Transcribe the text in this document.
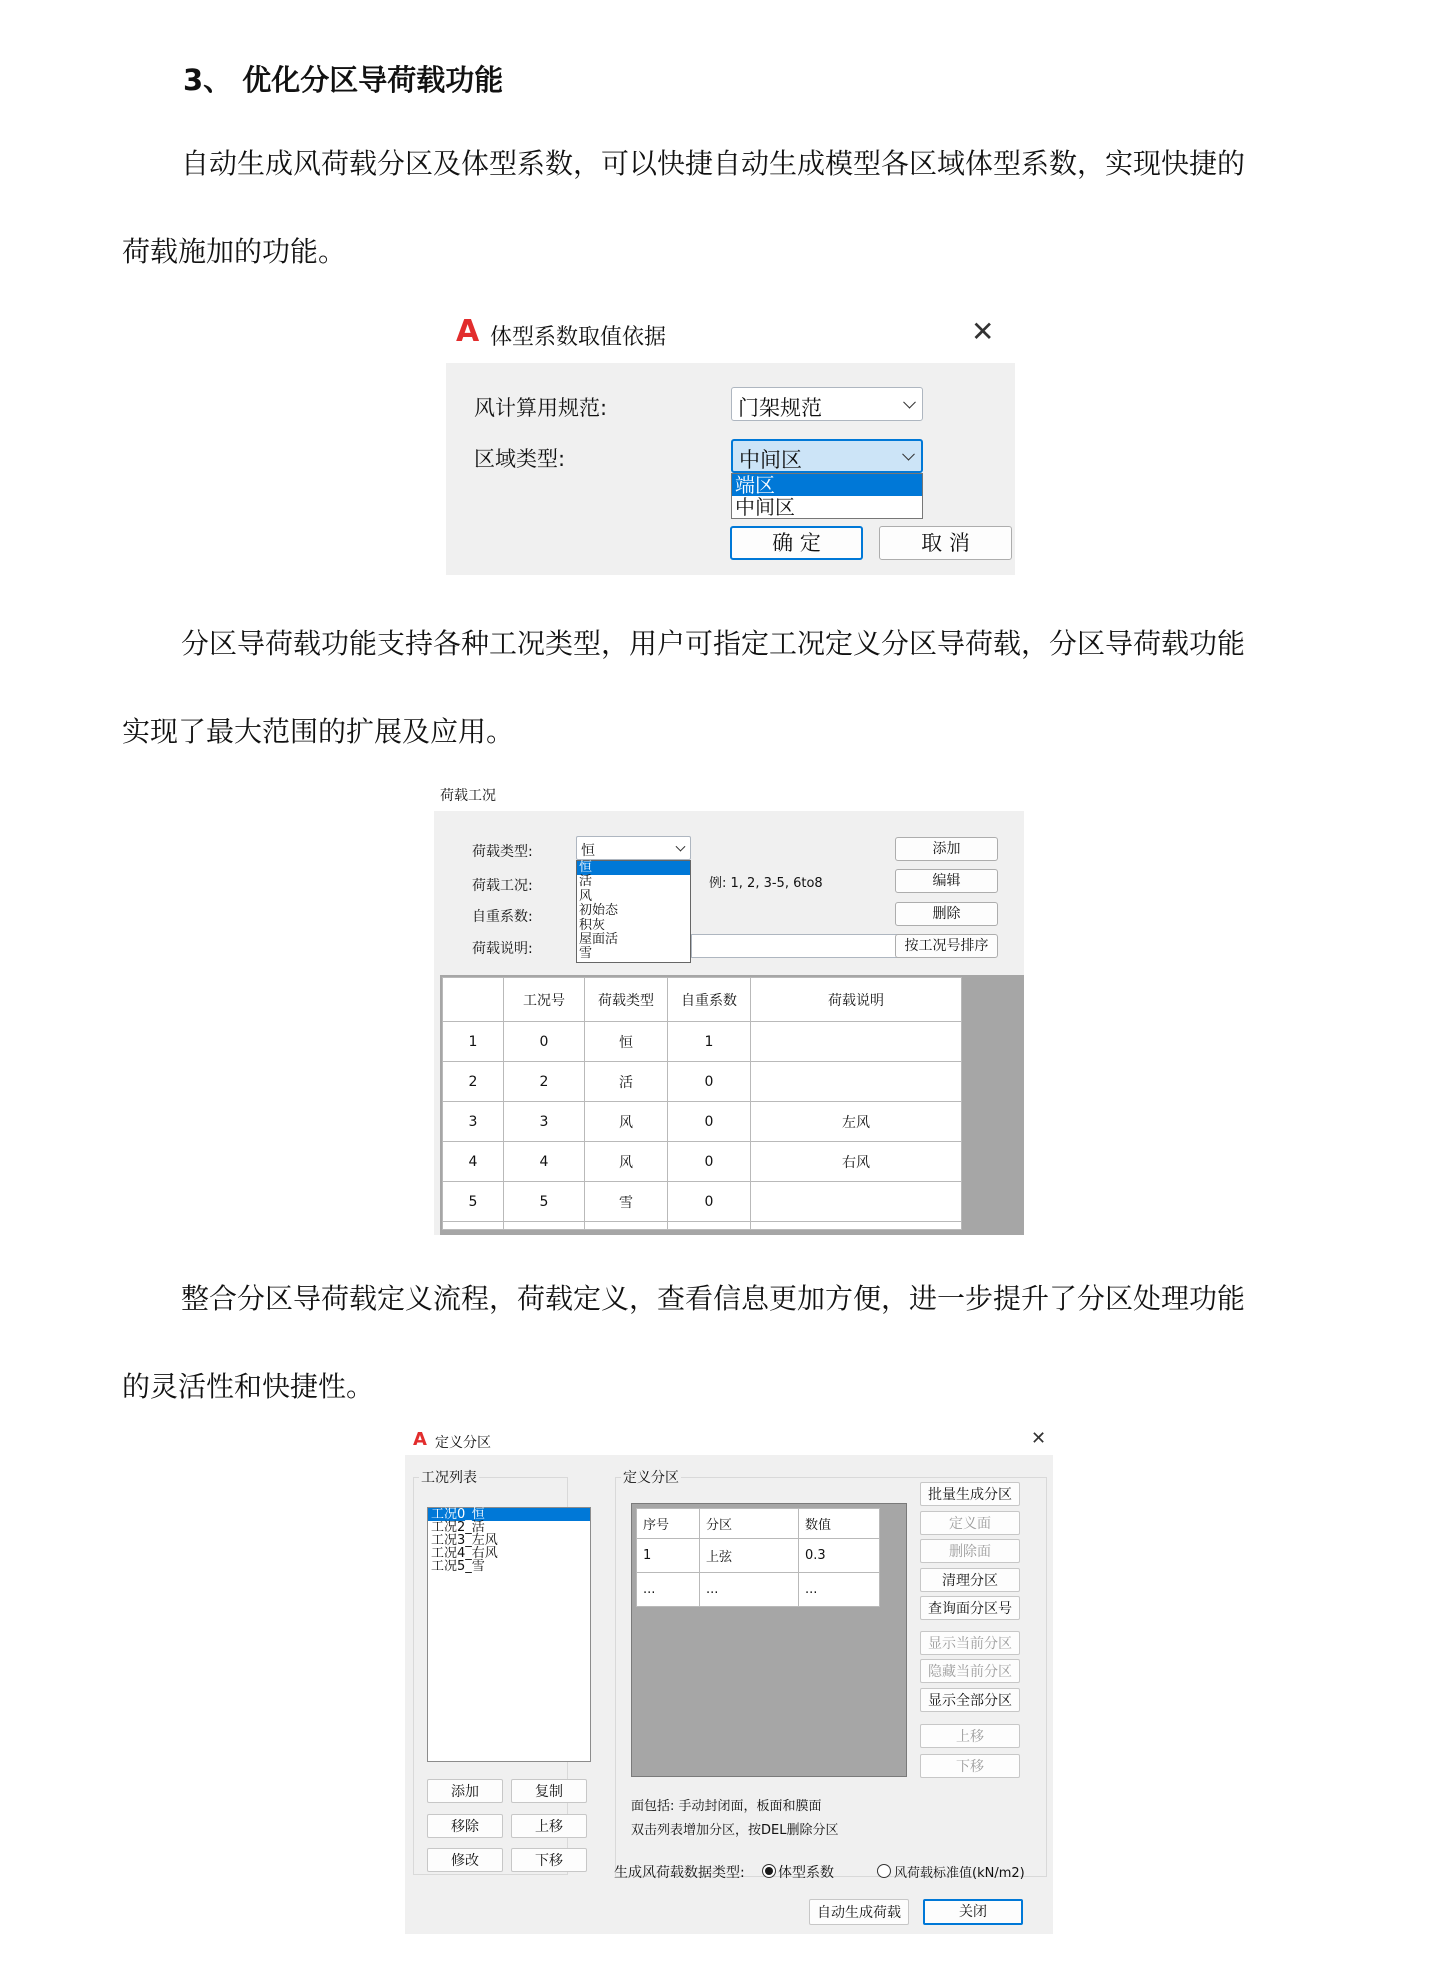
3、 优化分区导荷载功能
自动生成风荷载分区及体型系数，可以快捷自动生成模型各区域体型系数，实现快捷的
荷载施加的功能。
A 体型系数取值依据	✕
风计算用规范:	门架规范
区域类型:	中间区
端区
中间区
确 定	取 消
分区导荷载功能支持各种工况类型，用户可指定工况定义分区导荷载，分区导荷载功能
实现了最大范围的扩展及应用。
荷载工况
荷载类型:	恒
恒
活
风
初始态
积灰
屋面活
雪
荷载工况:	例: 1, 2, 3-5, 6to8
自重系数:
荷载说明:
添加
编辑
删除
按工况号排序
	工况号	荷载类型	自重系数	荷载说明
1	0	恒	1	
2	2	活	0	
3	3	风	0	左风
4	4	风	0	右风
5	5	雪	0	

整合分区导荷载定义流程，荷载定义，查看信息更加方便，进一步提升了分区处理功能
的灵活性和快捷性。
A 定义分区	✕
工况列表
工况0_恒
工况2_活
工况3_左风
工况4_右风
工况5_雪
添加	复制
移除	上移
修改	下移
定义分区
序号	分区	数值
1	上弦	0.3
...	...	...
批量生成分区
定义面
删除面
清理分区
查询面分区号
显示当前分区
隐藏当前分区
显示全部分区
上移
下移
面包括: 手动封闭面，板面和膜面
双击列表增加分区，按DEL删除分区
生成风荷载数据类型: 体型系数	风荷载标准值(kN/m2)
自动生成荷载	关闭
